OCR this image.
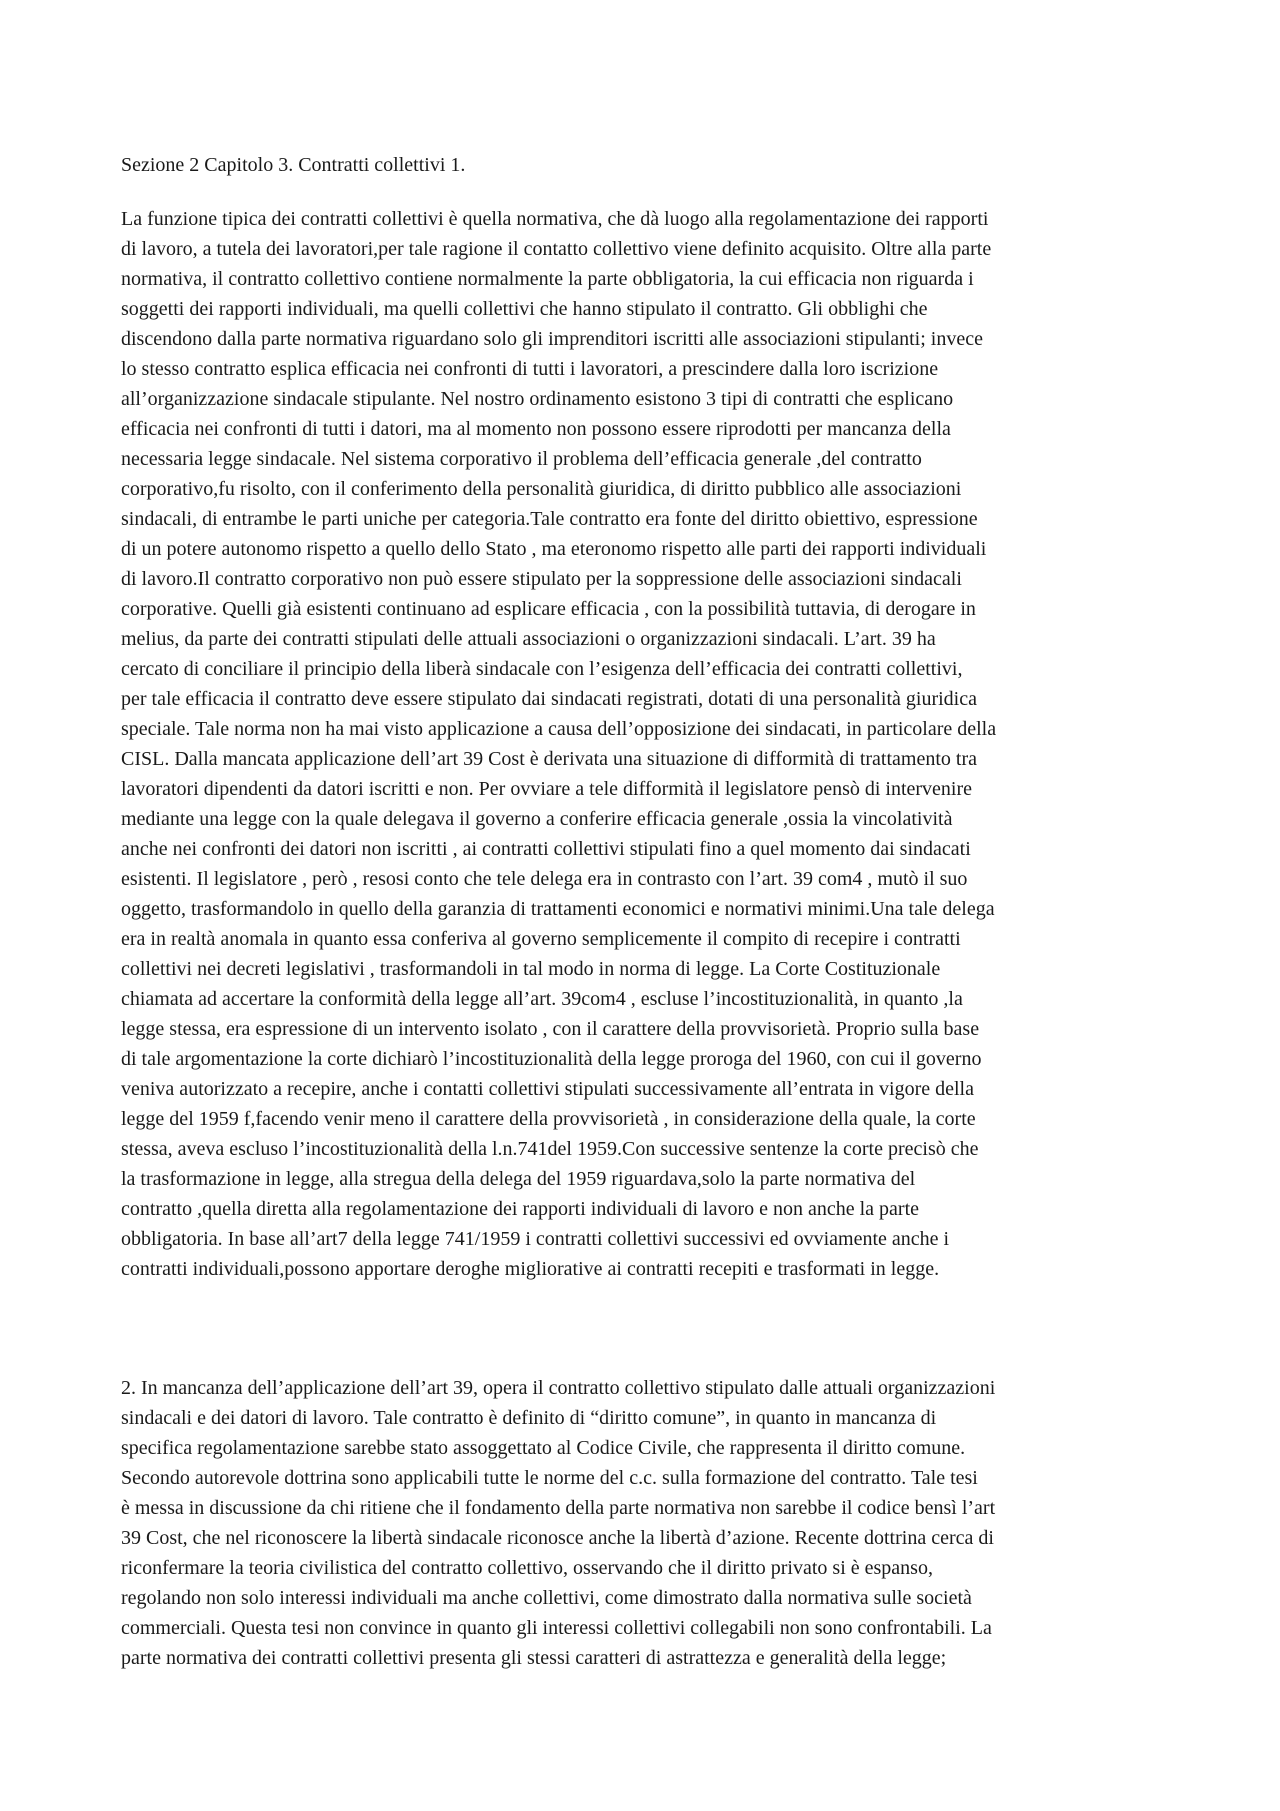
Sezione 2 Capitolo 3. Contratti collettivi 1.
La funzione tipica dei contratti collettivi è quella normativa, che dà luogo alla regolamentazione dei rapporti
di lavoro, a tutela dei lavoratori,per tale ragione il contatto collettivo viene definito acquisito. Oltre alla parte
normativa, il contratto collettivo contiene normalmente la parte obbligatoria, la cui efficacia non riguarda i
soggetti dei rapporti individuali, ma quelli collettivi che hanno stipulato il contratto. Gli obblighi che
discendono dalla parte normativa riguardano solo gli imprenditori iscritti alle associazioni stipulanti; invece
lo stesso contratto esplica efficacia nei confronti di tutti i lavoratori, a prescindere dalla loro iscrizione
all’organizzazione sindacale stipulante. Nel nostro ordinamento esistono 3 tipi di contratti che esplicano
efficacia nei confronti di tutti i datori, ma al momento non possono essere riprodotti per mancanza della
necessaria legge sindacale. Nel sistema corporativo il problema dell’efficacia generale ,del contratto
corporativo,fu risolto, con il conferimento della personalità giuridica, di diritto pubblico alle associazioni
sindacali, di entrambe le parti uniche per categoria.Tale contratto era fonte del diritto obiettivo, espressione
di un potere autonomo rispetto a quello dello Stato , ma eteronomo rispetto alle parti dei rapporti individuali
di lavoro.Il contratto corporativo non può essere stipulato per la soppressione delle associazioni sindacali
corporative. Quelli già esistenti continuano ad esplicare efficacia , con la possibilità tuttavia, di derogare in
melius, da parte dei contratti stipulati delle attuali associazioni o organizzazioni sindacali. L’art. 39 ha
cercato di conciliare il principio della liberà sindacale con l’esigenza dell’efficacia dei contratti collettivi,
per tale efficacia il contratto deve essere stipulato dai sindacati registrati, dotati di una personalità giuridica
speciale. Tale norma non ha mai visto applicazione a causa dell’opposizione dei sindacati, in particolare della
CISL. Dalla mancata applicazione dell’art 39 Cost è derivata una situazione di difformità di trattamento tra
lavoratori dipendenti da datori iscritti e non. Per ovviare a tele difformità il legislatore pensò di intervenire
mediante una legge con la quale delegava il governo a conferire efficacia generale ,ossia la vincolatività
anche nei confronti dei datori non iscritti , ai contratti collettivi stipulati fino a quel momento dai sindacati
esistenti. Il legislatore , però , resosi conto che tele delega era in contrasto con l’art. 39 com4 , mutò il suo
oggetto, trasformandolo in quello della garanzia di trattamenti economici e normativi minimi.Una tale delega
era in realtà anomala in quanto essa conferiva al governo semplicemente il compito di recepire i contratti
collettivi nei decreti legislativi , trasformandoli in tal modo in norma di legge. La Corte Costituzionale
chiamata ad accertare la conformità della legge all’art. 39com4 , escluse l’incostituzionalità, in quanto ,la
legge stessa, era espressione di un intervento isolato , con il carattere della provvisorietà. Proprio sulla base
di tale argomentazione la corte dichiarò l’incostituzionalità della legge proroga del 1960, con cui il governo
veniva autorizzato a recepire, anche i contatti collettivi stipulati successivamente all’entrata in vigore della
legge del 1959 f,facendo venir meno il carattere della provvisorietà , in considerazione della quale, la corte
stessa, aveva escluso l’incostituzionalità della l.n.741del 1959.Con successive sentenze la corte precisò che
la trasformazione in legge, alla stregua della delega del 1959 riguardava,solo la parte normativa del
contratto ,quella diretta alla regolamentazione dei rapporti individuali di lavoro e non anche la parte
obbligatoria. In base all’art7 della legge 741/1959 i contratti collettivi successivi ed ovviamente anche i
contratti individuali,possono apportare deroghe migliorative ai contratti recepiti e trasformati in legge.
2. In mancanza dell’applicazione dell’art 39, opera il contratto collettivo stipulato dalle attuali organizzazioni
sindacali e dei datori di lavoro. Tale contratto è definito di “diritto comune”, in quanto in mancanza di
specifica regolamentazione sarebbe stato assoggettato al Codice Civile, che rappresenta il diritto comune.
Secondo autorevole dottrina sono applicabili tutte le norme del c.c. sulla formazione del contratto. Tale tesi
è messa in discussione da chi ritiene che il fondamento della parte normativa non sarebbe il codice bensì l’art
39 Cost, che nel riconoscere la libertà sindacale riconosce anche la libertà d’azione. Recente dottrina cerca di
riconfermare la teoria civilistica del contratto collettivo, osservando che il diritto privato si è espanso,
regolando non solo interessi individuali ma anche collettivi, come dimostrato dalla normativa sulle società
commerciali. Questa tesi non convince in quanto gli interessi collettivi collegabili non sono confrontabili. La
parte normativa dei contratti collettivi presenta gli stessi caratteri di astrattezza e generalità della legge;
